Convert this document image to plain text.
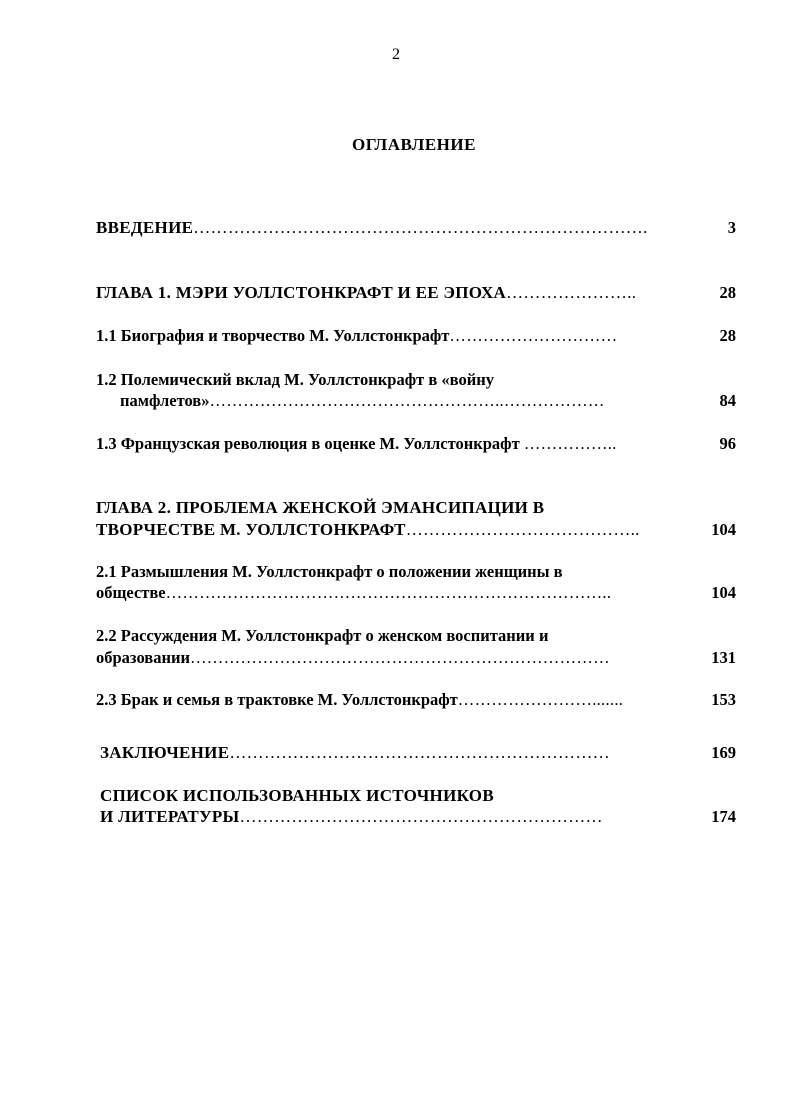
2
ОГЛАВЛЕНИЕ
ВВЕДЕНИЕ…………………………………………………………………….	3
ГЛАВА 1. МЭРИ УОЛЛСТОНКРАФТ И ЕЕ ЭПОХА…………………..	28
1.1 Биография и творчество М. Уоллстонкрафт…………………………	28
1.2 Полемический вклад М. Уоллстонкрафт в «войну
памфлетов»……………………………………………..………………	84
1.3 Французская революция в оценке М. Уоллстонкрафт ……………..	96
ГЛАВА 2. ПРОБЛЕМА ЖЕНСКОЙ ЭМАНСИПАЦИИ В
ТВОРЧЕСТВЕ М. УОЛЛСТОНКРАФТ…………………………………..	104
2.1 Размышления М. Уоллстонкрафт о положении женщины в
обществе……………………………………………………………………..	104
2.2 Рассуждения М. Уоллстонкрафт о женском воспитании и
образовании…………………………………………………………………	131
2.3 Брак и семья в трактовке М. Уоллстонкрафт…………………….......	153
ЗАКЛЮЧЕНИЕ…………………………………………………………	169
СПИСОК ИСПОЛЬЗОВАННЫХ ИСТОЧНИКОВ
И ЛИТЕРАТУРЫ………………………………………………………	174
